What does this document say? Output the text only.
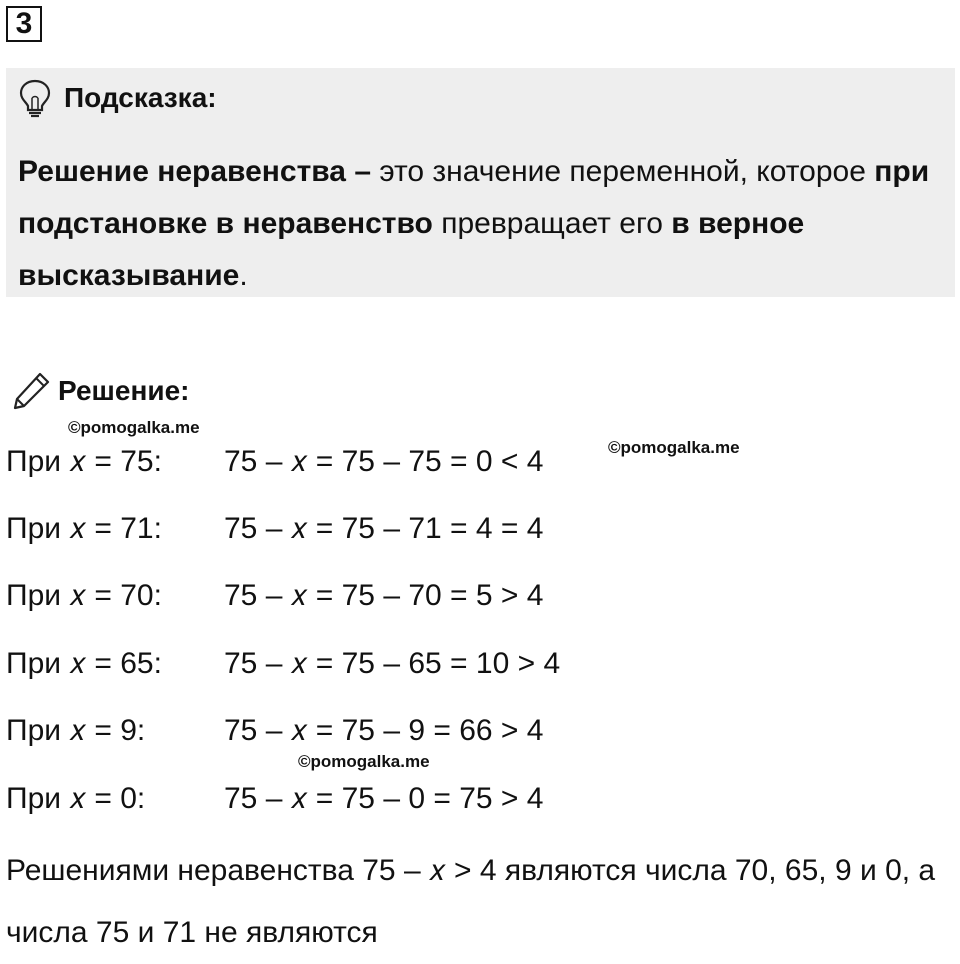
3
Подсказка:
Решение неравенства – это значение переменной, которое при подстановке в неравенство превращает его в верное высказывание.
Решение:
©pomogalka.me
©pomogalka.me
©pomogalka.me
При 𝑥 = 75: 75 – 𝑥 = 75 – 75 = 0 < 4
При 𝑥 = 71: 75 – 𝑥 = 75 – 71 = 4 = 4
При 𝑥 = 70: 75 – 𝑥 = 75 – 70 = 5 > 4
При 𝑥 = 65: 75 – 𝑥 = 75 – 65 = 10 > 4
При 𝑥 = 9:	75 – 𝑥 = 75 – 9 = 66 > 4
При 𝑥 = 0:	75 – 𝑥 = 75 – 0 = 75 > 4
Решениями неравенства 75 – 𝑥 > 4 являются числа 70, 65, 9 и 0, а числа 75 и 71 не являются
